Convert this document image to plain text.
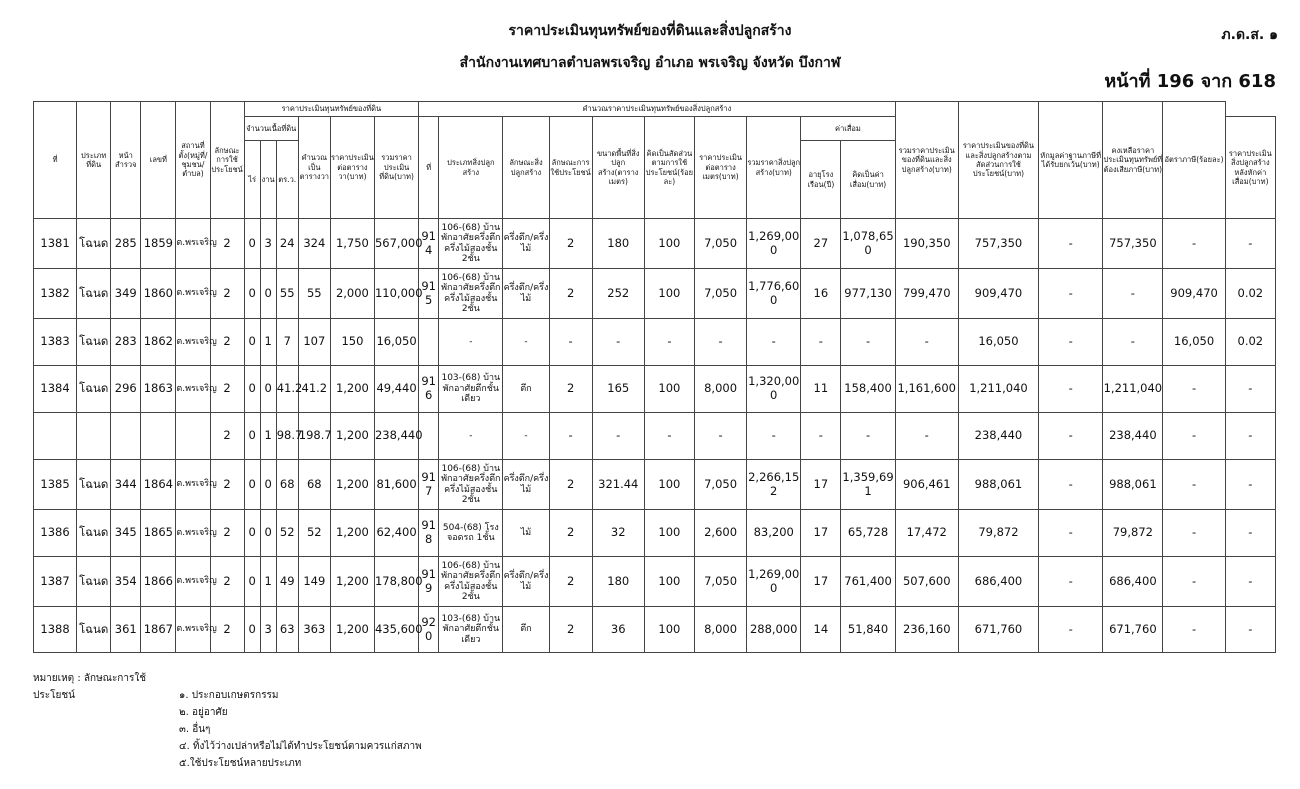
ราคาประเมินทุนทรัพย์ของที่ดินและสิ่งปลูกสร้าง
สำนักงานเทศบาลตำบลพรเจริญ อำเภอ พรเจริญ จังหวัด บึงกาฬ
ภ.ด.ส. ๑
หน้าที่ 196 จาก 618
ที่	ประเภทที่ดิน	หน้าสำรวจ	เลขที่	สถานที่ตั้ง(หมู่ที่/ชุมชน/ตำบล)	ลักษณะการใช้ประโยชน์	ราคาประเมินทุนทรัพย์ของที่ดิน						คำนวณราคาประเมินทุนทรัพย์ของสิ่งปลูกสร้าง										รวมราคาประเมินของที่ดินและสิ่งปลูกสร้าง(บาท)	ราคาประเมินของที่ดินและสิ่งปลูกสร้างตามสัดส่วนการใช้ประโยชน์(บาท)	หักมูลค่าฐานภาษีที่ได้รับยกเว้น(บาท)	คงเหลือราคาประเมินทุนทรัพย์ที่ต้องเสียภาษี(บาท)	อัตราภาษี(ร้อยละ)	
						จำนวนเนื้อที่ดิน			คำนวณเป็นตารางวา	ราคาประเมินต่อตารางวา(บาท)	รวมราคาประเมินที่ดิน(บาท)	ที่	ประเภทสิ่งปลูกสร้าง	ลักษณะสิ่งปลูกสร้าง	ลักษณะการใช้ประโยชน์	ขนาดพื้นที่สิ่งปลูกสร้าง(ตารางเมตร)	คิดเป็นสัดส่วนตามการใช้ประโยชน์(ร้อยละ)	ราคาประเมินต่อตารางเมตร(บาท)	รวมราคาสิ่งปลูกสร้าง(บาท)	ค่าเสื่อม							ราคาประเมินสิ่งปลูกสร้างหลังหักค่าเสื่อม(บาท)
						ไร่	งาน	ตร.ว.												อายุโรงเรือน(ปี)	คิดเป็นค่าเสื่อม(บาท)						
1381	โฉนด	285	1859	ต.พรเจริญ	2	0	3	24	324	1,750	567,000	914	106-(68) บ้านพักอาศัยครึ่งตึกครึ่งไม้สองชั้น 2ชั้น	ครึ่งตึก/ครึ่งไม้	2	180	100	7,050	1,269,000	27	1,078,650	190,350	757,350	-	757,350	-	-
1382	โฉนด	349	1860	ต.พรเจริญ	2	0	0	55	55	2,000	110,000	915	106-(68) บ้านพักอาศัยครึ่งตึกครึ่งไม้สองชั้น 2ชั้น	ครึ่งตึก/ครึ่งไม้	2	252	100	7,050	1,776,600	16	977,130	799,470	909,470	-	-	909,470	0.02
1383	โฉนด	283	1862	ต.พรเจริญ	2	0	1	7	107	150	16,050		-	-	-	-	-	-	-	-	-	-	16,050	-	-	16,050	0.02
1384	โฉนด	296	1863	ต.พรเจริญ	2	0	0	41.2	41.2	1,200	49,440	916	103-(68) บ้านพักอาศัยตึกชั้นเดียว	ตึก	2	165	100	8,000	1,320,000	11	158,400	1,161,600	1,211,040	-	1,211,040	-	-
					2	0	1	98.7	198.7	1,200	238,440		-	-	-	-	-	-	-	-	-	-	238,440	-	238,440	-	-
1385	โฉนด	344	1864	ต.พรเจริญ	2	0	0	68	68	1,200	81,600	917	106-(68) บ้านพักอาศัยครึ่งตึกครึ่งไม้สองชั้น 2ชั้น	ครึ่งตึก/ครึ่งไม้	2	321.44	100	7,050	2,266,152	17	1,359,691	906,461	988,061	-	988,061	-	-
1386	โฉนด	345	1865	ต.พรเจริญ	2	0	0	52	52	1,200	62,400	918	504-(68) โรงจอดรถ 1ชั้น	ไม้	2	32	100	2,600	83,200	17	65,728	17,472	79,872	-	79,872	-	-
1387	โฉนด	354	1866	ต.พรเจริญ	2	0	1	49	149	1,200	178,800	919	106-(68) บ้านพักอาศัยครึ่งตึกครึ่งไม้สองชั้น 2ชั้น	ครึ่งตึก/ครึ่งไม้	2	180	100	7,050	1,269,000	17	761,400	507,600	686,400	-	686,400	-	-
1388	โฉนด	361	1867	ต.พรเจริญ	2	0	3	63	363	1,200	435,600	920	103-(68) บ้านพักอาศัยตึกชั้นเดียว	ตึก	2	36	100	8,000	288,000	14	51,840	236,160	671,760	-	671,760	-	-
หมายเหตุ : ลักษณะการใช้ประโยชน์	๑. ประกอบเกษตรกรรม
๒. อยู่อาศัย
๓. อื่นๆ
๔. ทิ้งไว้ว่างเปล่าหรือไม่ได้ทำประโยชน์ตามควรแก่สภาพ
๕.ใช้ประโยชน์หลายประเภท
